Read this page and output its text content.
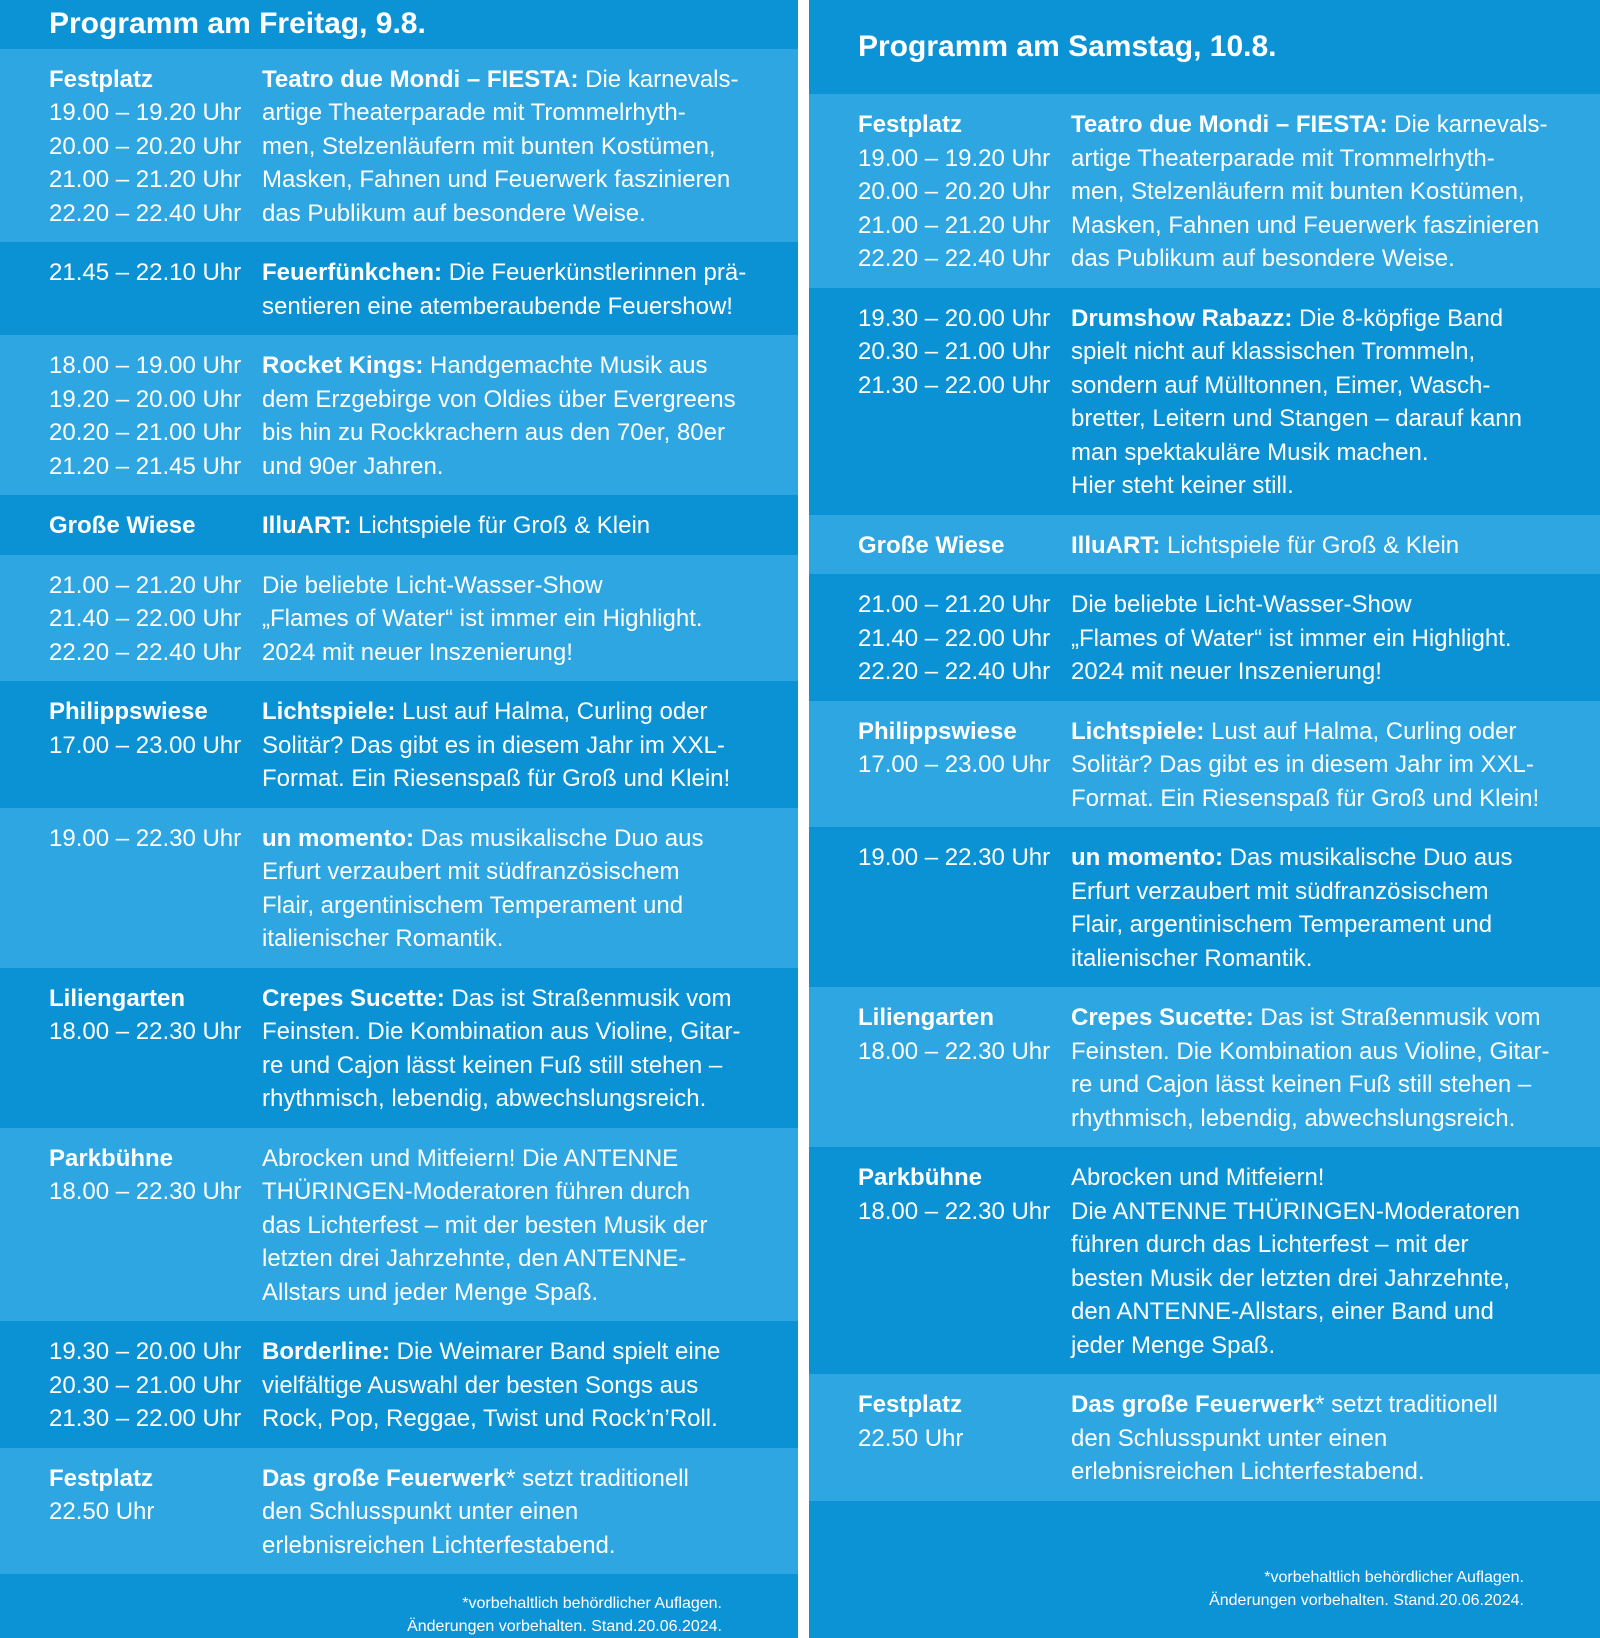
Programm am Freitag, 9.8.
Festplatz
19.00 – 19.20 Uhr
20.00 – 20.20 Uhr
21.00 – 21.20 Uhr
22.20 – 22.40 Uhr
Teatro due Mondi – FIESTA: Die karnevals-
artige Theaterparade mit Trommelrhyth-
men, Stelzenläufern mit bunten Kostümen,
Masken, Fahnen und Feuerwerk faszinieren
das Publikum auf besondere Weise.
21.45 – 22.10 Uhr Feuerfünkchen: Die Feuerkünstlerinnen prä-
sentieren eine atemberaubende Feuershow!
18.00 – 19.00 Uhr
19.20 – 20.00 Uhr
20.20 – 21.00 Uhr
21.20 – 21.45 Uhr
Rocket Kings: Handgemachte Musik aus
dem Erzgebirge von Oldies über Evergreens
bis hin zu Rockkrachern aus den 70er, 80er
und 90er Jahren.
Große Wiese	IlluART: Lichtspiele für Groß & Klein
21.00 – 21.20 Uhr
21.40 – 22.00 Uhr
22.20 – 22.40 Uhr
Die beliebte Licht-Wasser-Show
„Flames of Water“ ist immer ein Highlight.
2024 mit neuer Inszenierung!
Philippswiese
17.00 – 23.00 Uhr
Lichtspiele: Lust auf Halma, Curling oder
Solitär? Das gibt es in diesem Jahr im XXL-
Format. Ein Riesenspaß für Groß und Klein!
19.00 – 22.30 Uhr un momento: Das musikalische Duo aus
Erfurt verzaubert mit südfranzösischem
Flair, argentinischem Temperament und
italienischer Romantik.
Liliengarten
18.00 – 22.30 Uhr
Crepes Sucette: Das ist Straßenmusik vom
Feinsten. Die Kombination aus Violine, Gitar-
re und Cajon lässt keinen Fuß still stehen –
rhythmisch, lebendig, abwechslungsreich.
Parkbühne
18.00 – 22.30 Uhr
Abrocken und Mitfeiern! Die ANTENNE
THÜRINGEN-Moderatoren führen durch
das Lichterfest – mit der besten Musik der
letzten drei Jahrzehnte, den ANTENNE-
Allstars und jeder Menge Spaß.
19.30 – 20.00 Uhr
20.30 – 21.00 Uhr
21.30 – 22.00 Uhr
Borderline: Die Weimarer Band spielt eine
vielfältige Auswahl der besten Songs aus
Rock, Pop, Reggae, Twist und Rock’n’Roll.
Festplatz
22.50 Uhr
Das große Feuerwerk* setzt traditionell
den Schlusspunkt unter einen
erlebnisreichen Lichterfestabend.
*vorbehaltlich behördlicher Auflagen.
Änderungen vorbehalten. Stand.20.06.2024.
Programm am Samstag, 10.8.
Festplatz
19.00 – 19.20 Uhr
20.00 – 20.20 Uhr
21.00 – 21.20 Uhr
22.20 – 22.40 Uhr
Teatro due Mondi – FIESTA: Die karnevals-
artige Theaterparade mit Trommelrhyth-
men, Stelzenläufern mit bunten Kostümen,
Masken, Fahnen und Feuerwerk faszinieren
das Publikum auf besondere Weise.
19.30 – 20.00 Uhr
20.30 – 21.00 Uhr
21.30 – 22.00 Uhr
Drumshow Rabazz: Die 8-köpfige Band
spielt nicht auf klassischen Trommeln,
sondern auf Mülltonnen, Eimer, Wasch-
bretter, Leitern und Stangen – darauf kann
man spektakuläre Musik machen.
Hier steht keiner still.
Große Wiese	IlluART: Lichtspiele für Groß & Klein
21.00 – 21.20 Uhr
21.40 – 22.00 Uhr
22.20 – 22.40 Uhr
Die beliebte Licht-Wasser-Show
„Flames of Water“ ist immer ein Highlight.
2024 mit neuer Inszenierung!
Philippswiese
17.00 – 23.00 Uhr
Lichtspiele: Lust auf Halma, Curling oder
Solitär? Das gibt es in diesem Jahr im XXL-
Format. Ein Riesenspaß für Groß und Klein!
19.00 – 22.30 Uhr un momento: Das musikalische Duo aus
Erfurt verzaubert mit südfranzösischem
Flair, argentinischem Temperament und
italienischer Romantik.
Liliengarten
18.00 – 22.30 Uhr
Crepes Sucette: Das ist Straßenmusik vom
Feinsten. Die Kombination aus Violine, Gitar-
re und Cajon lässt keinen Fuß still stehen –
rhythmisch, lebendig, abwechslungsreich.
Parkbühne
18.00 – 22.30 Uhr
Abrocken und Mitfeiern!
Die ANTENNE THÜRINGEN-Moderatoren
führen durch das Lichterfest – mit der
besten Musik der letzten drei Jahrzehnte,
den ANTENNE-Allstars, einer Band und
jeder Menge Spaß.
Festplatz
22.50 Uhr
Das große Feuerwerk* setzt traditionell
den Schlusspunkt unter einen
erlebnisreichen Lichterfestabend.
*vorbehaltlich behördlicher Auflagen.
Änderungen vorbehalten. Stand.20.06.2024.
